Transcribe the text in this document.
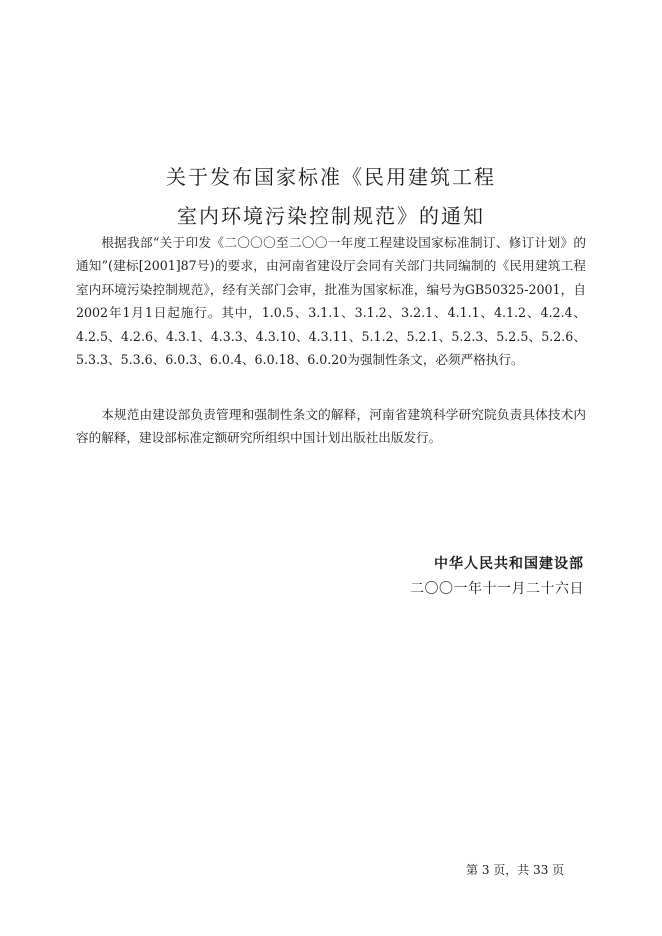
关于发布国家标准《民用建筑工程
室内环境污染控制规范》的通知

根据我部“关于印发《二〇〇〇至二〇〇一年度工程建设国家标准制订、修订计划》的通知”(建标[2001]87号)的要求，由河南省建设厅会同有关部门共同编制的《民用建筑工程室内环境污染控制规范》，经有关部门会审，批准为国家标准，编号为GB50325-2001，自2002年1月1日起施行。其中，1.0.5、3.1.1、3.1.2、3.2.1、4.1.1、4.1.2、4.2.4、4.2.5、4.2.6、4.3.1、4.3.3、4.3.10、4.3.11、5.1.2、5.2.1、5.2.3、5.2.5、5.2.6、5.3.3、5.3.6、6.0.3、6.0.4、6.0.18、6.0.20为强制性条文，必须严格执行。

本规范由建设部负责管理和强制性条文的解释，河南省建筑科学研究院负责具体技术内容的解释，建设部标准定额研究所组织中国计划出版社出版发行。

中华人民共和国建设部
二〇〇一年十一月二十六日
第 3 页，共 33 页
